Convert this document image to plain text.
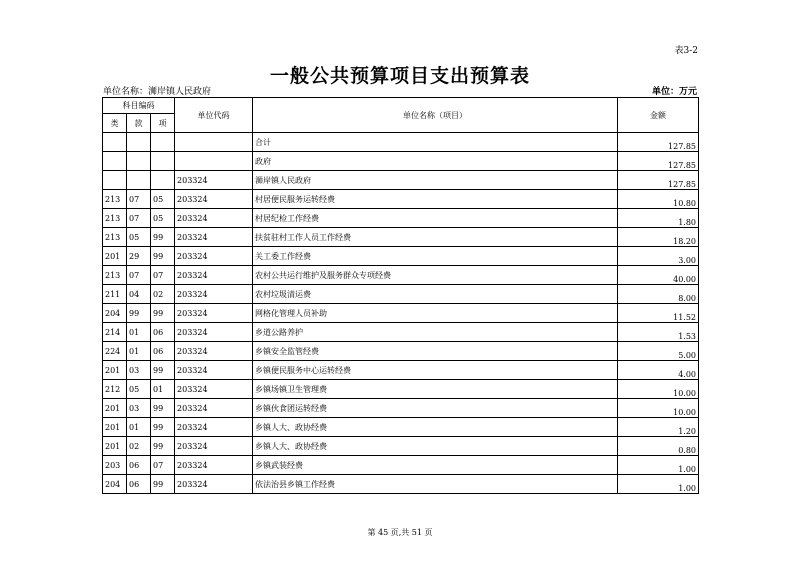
表3-2
一般公共预算项目支出预算表
单位名称：浉岸镇人民政府	单位：万元
科目编码			单位代码	单位名称（项目）	金额
类	款	项			
				合计	127.85
				政府	127.85
			203324	浉岸镇人民政府	127.85
213	07	05	203324	村居便民服务运转经费	10.80
213	07	05	203324	村居纪检工作经费	1.80
213	05	99	203324	扶贫驻村工作人员工作经费	18.20
201	29	99	203324	关工委工作经费	3.00
213	07	07	203324	农村公共运行维护及服务群众专项经费	40.00
211	04	02	203324	农村垃圾清运费	8.00
204	99	99	203324	网格化管理人员补助	11.52
214	01	06	203324	乡道公路养护	1.53
224	01	06	203324	乡镇安全监管经费	5.00
201	03	99	203324	乡镇便民服务中心运转经费	4.00
212	05	01	203324	乡镇场镇卫生管理费	10.00
201	03	99	203324	乡镇伙食团运转经费	10.00
201	01	99	203324	乡镇人大、政协经费	1.20
201	02	99	203324	乡镇人大、政协经费	0.80
203	06	07	203324	乡镇武装经费	1.00
204	06	99	203324	依法治县乡镇工作经费	1.00
第 45 页,共 51 页
